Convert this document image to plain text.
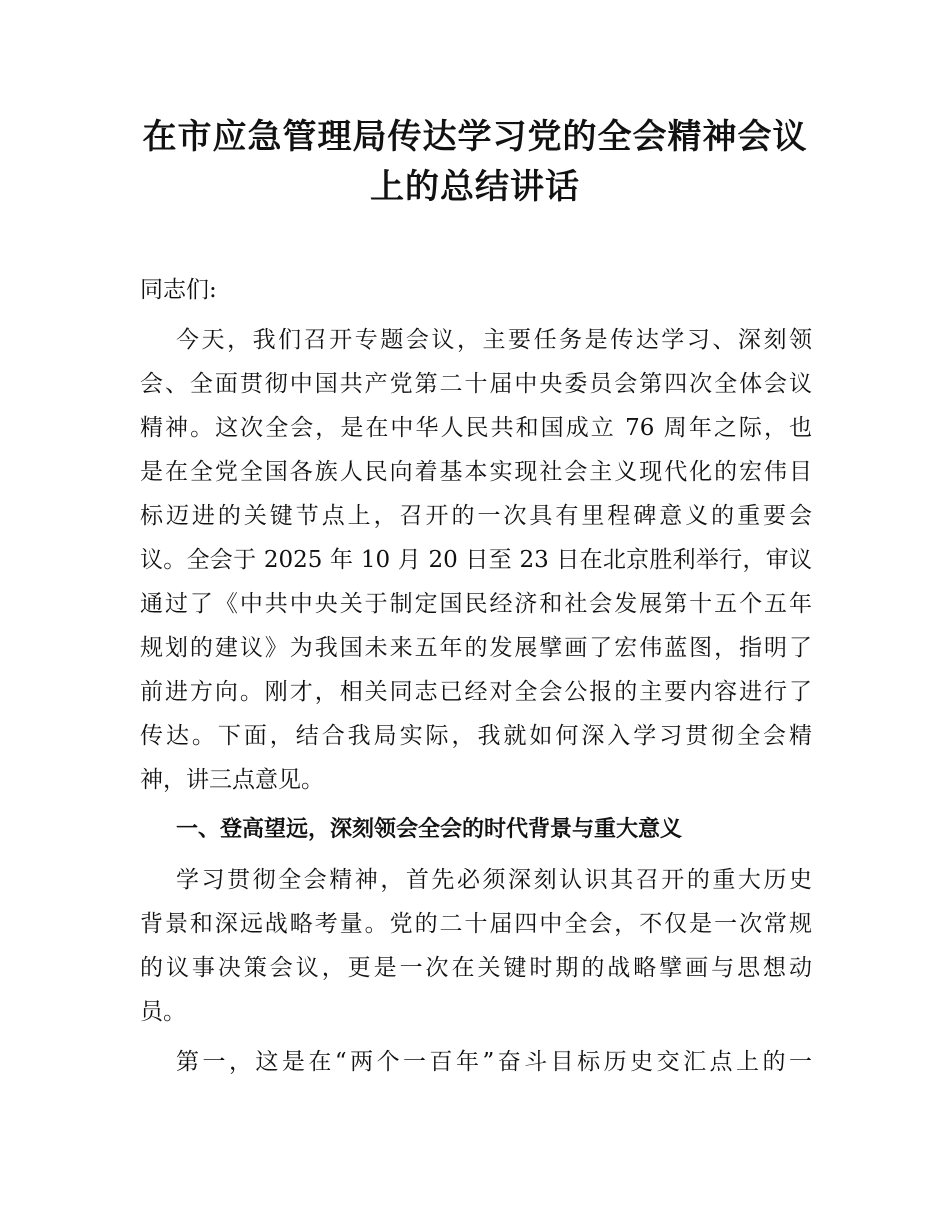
在市应急管理局传达学习党的全会精神会议
上的总结讲话

同志们:

今天，我们召开专题会议，主要任务是传达学习、深刻领
会、全面贯彻中国共产党第二十届中央委员会第四次全体会议
精神。这次全会，是在中华人民共和国成立 76 周年之际，也
是在全党全国各族人民向着基本实现社会主义现代化的宏伟目
标迈进的关键节点上，召开的一次具有里程碑意义的重要会
议。全会于 2025 年 10 月 20 日至 23 日在北京胜利举行，审议
通过了《中共中央关于制定国民经济和社会发展第十五个五年
规划的建议》为我国未来五年的发展擘画了宏伟蓝图，指明了
前进方向。刚才，相关同志已经对全会公报的主要内容进行了
传达。下面，结合我局实际，我就如何深入学习贯彻全会精
神，讲三点意见。

一、登高望远，深刻领会全会的时代背景与重大意义

学习贯彻全会精神，首先必须深刻认识其召开的重大历史
背景和深远战略考量。党的二十届四中全会，不仅是一次常规
的议事决策会议，更是一次在关键时期的战略擘画与思想动
员。

第一，这是在“两个一百年”奋斗目标历史交汇点上的一
